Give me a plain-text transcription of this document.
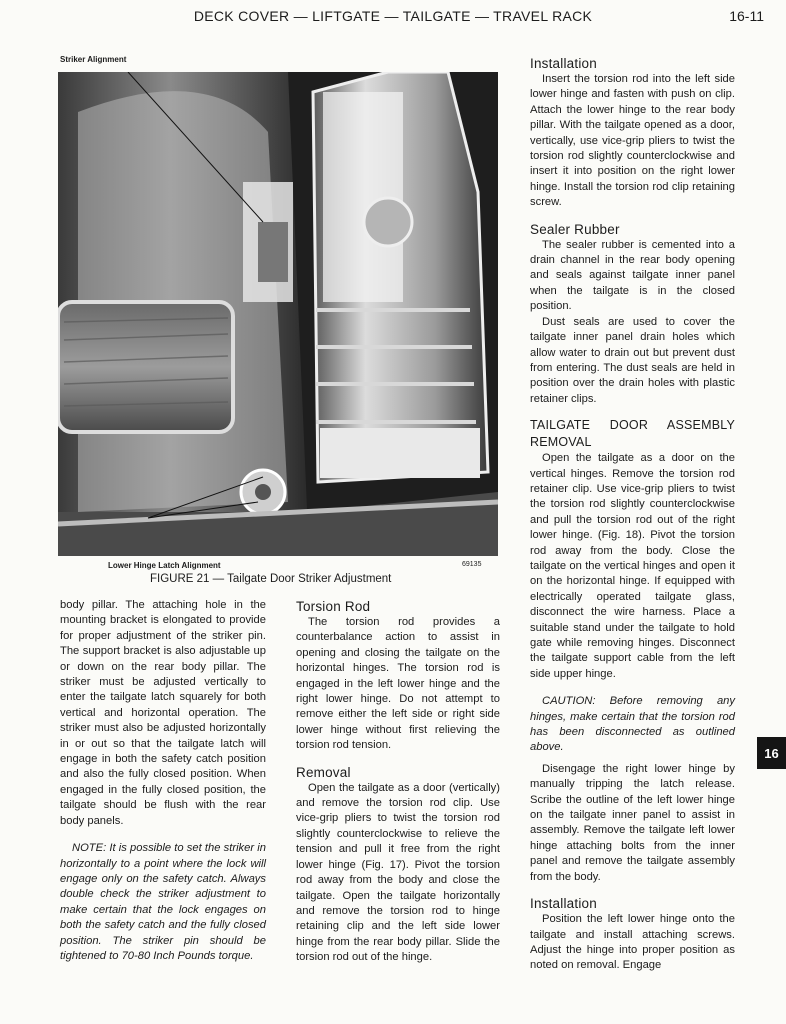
DECK COVER — LIFTGATE — TAILGATE — TRAVEL RACK	16-11
Striker Alignment
Lower Hinge Latch Alignment	69135
FIGURE 21 — Tailgate Door Striker Adjustment

body pillar. The attaching hole in the mounting bracket is elongated to provide for proper adjustment of the striker pin. The support bracket is also adjustable up or down on the rear body pillar. The striker must be adjusted vertically to enter the tailgate latch squarely for both vertical and horizontal operation. The striker must also be adjusted horizontally in or out so that the tailgate latch will engage in both the safety catch position and also the fully closed position. When engaged in the fully closed position, the tailgate should be flush with the rear body panels.

NOTE: It is possible to set the striker in horizontally to a point where the lock will engage only on the safety catch. Always double check the striker adjustment to make certain that the lock engages on both the safety catch and the fully closed position. The striker pin should be tightened to 70-80 Inch Pounds torque.

Torsion Rod

The torsion rod provides a counterbalance action to assist in opening and closing the tailgate on the horizontal hinges. The torsion rod is engaged in the left lower hinge and the right lower hinge. Do not attempt to remove either the left side or right side lower hinge without first relieving the torsion rod tension.

Removal

Open the tailgate as a door (vertically) and remove the torsion rod clip. Use vice-grip pliers to twist the torsion rod slightly counterclockwise to relieve the tension and pull it free from the right lower hinge (Fig. 17). Pivot the torsion rod away from the body and close the tailgate. Open the tailgate horizontally and remove the torsion rod to hinge retaining clip and the left side lower hinge from the rear body pillar. Slide the torsion rod out of the hinge.

Installation

Insert the torsion rod into the left side lower hinge and fasten with push on clip. Attach the lower hinge to the rear body pillar. With the tailgate opened as a door, vertically, use vice-grip pliers to twist the torsion rod slightly counterclockwise and insert it into position on the right lower hinge. Install the torsion rod clip retaining screw.

Sealer Rubber

The sealer rubber is cemented into a drain channel in the rear body opening and seals against tailgate inner panel when the tailgate is in the closed position.

Dust seals are used to cover the tailgate inner panel drain holes which allow water to drain out but prevent dust from entering. The dust seals are held in position over the drain holes with plastic retainer clips.

TAILGATE DOOR ASSEMBLY REMOVAL

Open the tailgate as a door on the vertical hinges. Remove the torsion rod retainer clip. Use vice-grip pliers to twist the torsion rod slightly counterclockwise and pull the torsion rod out of the right lower hinge. (Fig. 18). Pivot the torsion rod away from the body. Close the tailgate on the vertical hinges and open it on the horizontal hinge. If equipped with electrically operated tailgate glass, disconnect the wire harness. Place a suitable stand under the tailgate to hold gate while removing hinges. Disconnect the tailgate support cable from the left side upper hinge.

CAUTION: Before removing any hinges, make certain that the torsion rod has been disconnected as outlined above.

Disengage the right lower hinge by manually tripping the latch release. Scribe the outline of the left lower hinge on the tailgate inner panel to assist in assembly. Remove the tailgate left lower hinge attaching bolts from the inner panel and remove the tailgate assembly from the body.

Installation

Position the left lower hinge onto the tailgate and install attaching screws. Adjust the hinge into proper position as noted on removal. Engage

16
